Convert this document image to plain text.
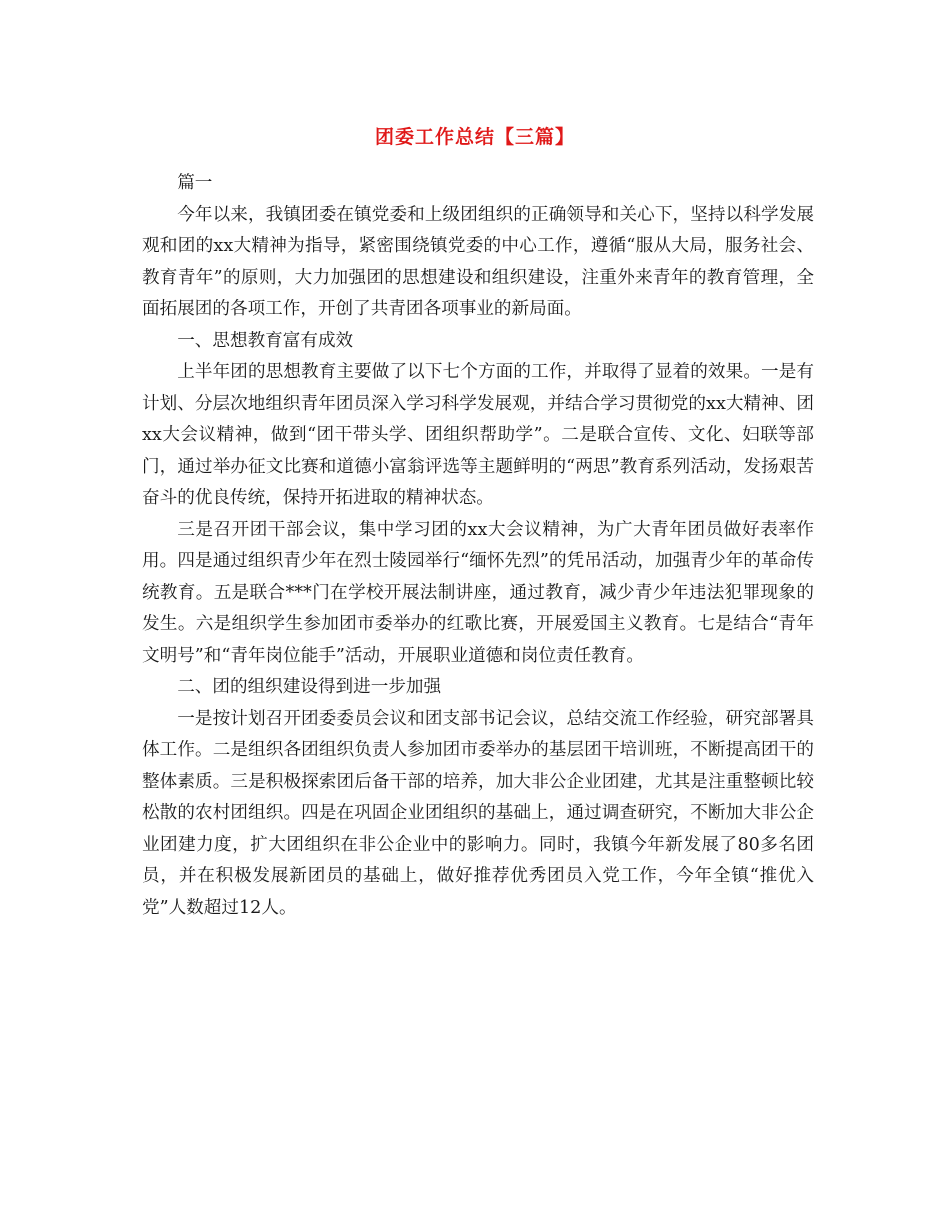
团委工作总结【三篇】

篇一

今年以来，我镇团委在镇党委和上级团组织的正确领导和关心下，坚持以科学发展观和团的xx大精神为指导，紧密围绕镇党委的中心工作，遵循“服从大局，服务社会、教育青年”的原则，大力加强团的思想建设和组织建设，注重外来青年的教育管理，全面拓展团的各项工作，开创了共青团各项事业的新局面。

一、思想教育富有成效

上半年团的思想教育主要做了以下七个方面的工作，并取得了显着的效果。一是有计划、分层次地组织青年团员深入学习科学发展观，并结合学习贯彻党的xx大精神、团xx大会议精神，做到“团干带头学、团组织帮助学”。二是联合宣传、文化、妇联等部门，通过举办征文比赛和道德小富翁评选等主题鲜明的“两思”教育系列活动，发扬艰苦奋斗的优良传统，保持开拓进取的精神状态。

三是召开团干部会议，集中学习团的xx大会议精神，为广大青年团员做好表率作用。四是通过组织青少年在烈士陵园举行“缅怀先烈”的凭吊活动，加强青少年的革命传统教育。五是联合***门在学校开展法制讲座，通过教育，减少青少年违法犯罪现象的发生。六是组织学生参加团市委举办的红歌比赛，开展爱国主义教育。七是结合“青年文明号”和“青年岗位能手”活动，开展职业道德和岗位责任教育。

二、团的组织建设得到进一步加强

一是按计划召开团委委员会议和团支部书记会议，总结交流工作经验，研究部署具体工作。二是组织各团组织负责人参加团市委举办的基层团干培训班，不断提高团干的整体素质。三是积极探索团后备干部的培养，加大非公企业团建，尤其是注重整顿比较松散的农村团组织。四是在巩固企业团组织的基础上，通过调查研究，不断加大非公企业团建力度，扩大团组织在非公企业中的影响力。同时，我镇今年新发展了80多名团员，并在积极发展新团员的基础上，做好推荐优秀团员入党工作，今年全镇“推优入党”人数超过12人。
